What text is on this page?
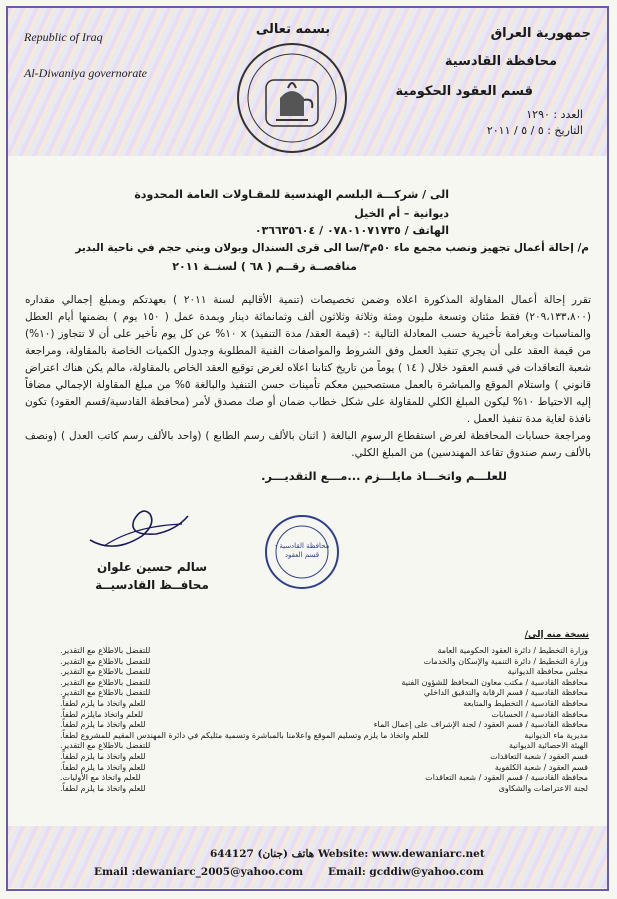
Republic of Iraq
Al-Diwaniya governorate
بسمه تعالى	جمهورية العراق
محافظة القادسية
قسم العقود الحكومية
العدد : ١٢٩٠
التاريخ : ٥ / ٥ / ٢٠١١
الى / شركـــة البلسم الهندسية للمقـاولات العامة المحدودة
ديوانية – أم الخيل
الهاتف / ٠٧٨٠١٠٧١٧٣٥ / ٠٣٦٦٣٥٦٠٤
م/ إحالة أعمال تجهيز ونصب مجمع ماء ٥٠م٣/سا الى قرى السندال وبولان وبني حجم في ناحية البدير
مناقصــة رقــم ( ٦٨ ) لسنــة ٢٠١١
تقرر إحالة أعمال المقاولة المذكورة اعلاه وضمن تخصيصات (تنمية الأقاليم لسنة ٢٠١١ ) بعهدتكم وبمبلغ إجمالي مقداره (٢٠٩،١٣٣،٨٠٠) فقط مئتان وتسعة مليون ومئة وثلاثة وثلاثون ألف وثمانمائة دينار وبمدة عمل ( ١٥٠ يوم ) بضمنها أيام العطل والمناسبات وبغرامة تأخيرية حسب المعادلة التالية :- (قيمة العقد/ مدة التنفيذ) x ١٠% عن كل يوم تأخير على أن لا تتجاوز (١٠%) من قيمة العقد على أن يجري تنفيذ العمل وفق الشروط والمواصفات الفنية المطلوبة وجدول الكميات الخاصة بالمقاولة، ومراجعة شعبة التعاقدات في قسم العقود خلال ( ١٤ ) يوماً من تاريخ كتابنا اعلاه لغرض توقيع العقد الخاص بالمقاولة، مالم يكن هناك اعتراض قانوني ) واستلام الموقع والمباشرة بالعمل مستصحبين معكم تأمينات حسن التنفيذ والبالغة ٥% من مبلغ المقاولة الإجمالي مضافاً إليه الاحتياط ١٠% ليكون المبلغ الكلي للمقاولة على شكل خطاب ضمان أو صك مصدق لأمر (محافظة القادسية/قسم العقود) تكون نافذة لغاية مدة تنفيذ العمل .
ومراجعة حسابات المحافظة لغرض استقطاع الرسوم البالغة ( اثنان بالألف رسم الطابع ) (واحد بالألف رسم كاتب العدل ) (ونصف بالألف رسم صندوق تقاعد المهندسين) من المبلغ الكلي.
للعلـــم واتخـــاذ مايلـــزم ...مـــع التقديـــر.
سالم حسين علوان
محافــظ القادسيــة
محافظة القادسية - قسم العقود
نسخة منه إلى/
وزارة التخطيط / دائرة العقود الحكومية العامة
للتفضل بالاطلاع مع التقدير.
وزارة التخطيط / دائرة التنمية والإسكان والخدمات
للتفضل بالاطلاع مع التقدير.
مجلس محافظة الديوانية
للتفضل بالاطلاع مع التقدير.
محافظة القادسية / مكتب معاون المحافظ للشؤون الفنية
للتفضل بالاطلاع مع التقدير.
محافظة القادسية / قسم الرقابة والتدقيق الداخلي
للتفضل بالاطلاع مع التقدير.
محافظة القادسية / التخطيط والمتابعة
للعلم واتخاذ ما يلزم لطفاً.
محافظة القادسية / الحسابات
للعلم واتخاذ مايلزم لطفاً.
محافظة القادسية / قسم العقود / لجنة الإشراف على إعمال الماء
للعلم واتخاذ ما يلزم لطفاً.
مديرية ماء الديوانية
للعلم واتخاذ ما يلزم وتسليم الموقع واعلامنا بالمباشرة وتسمية مثليكم في دائرة المهندس المقيم للمشروع لطفاً.
الهيئة الاحصائية الديوانية
للتفضل بالاطلاع مع التقدير.
قسم العقود / شعبة التعاقدات
للعلم واتخاذ ما يلزم لطفاً.
قسم العقود / شعبة الكلفوية
للعلم واتخاذ ما يلزم لطفاً.
محافظة القادسية / قسم العقود / شعبة التعاقدات
للعلم واتخاذ مع الأوليات.
لجنة الاعتراضات والشكاوى
للعلم واتخاذ ما يلزم لطفاً.
644127 هاتف (جنان) Website: www.dewaniarc.net
Email :dewaniarc_2005@yahoo.com Email: gcddiw@yahoo.com
